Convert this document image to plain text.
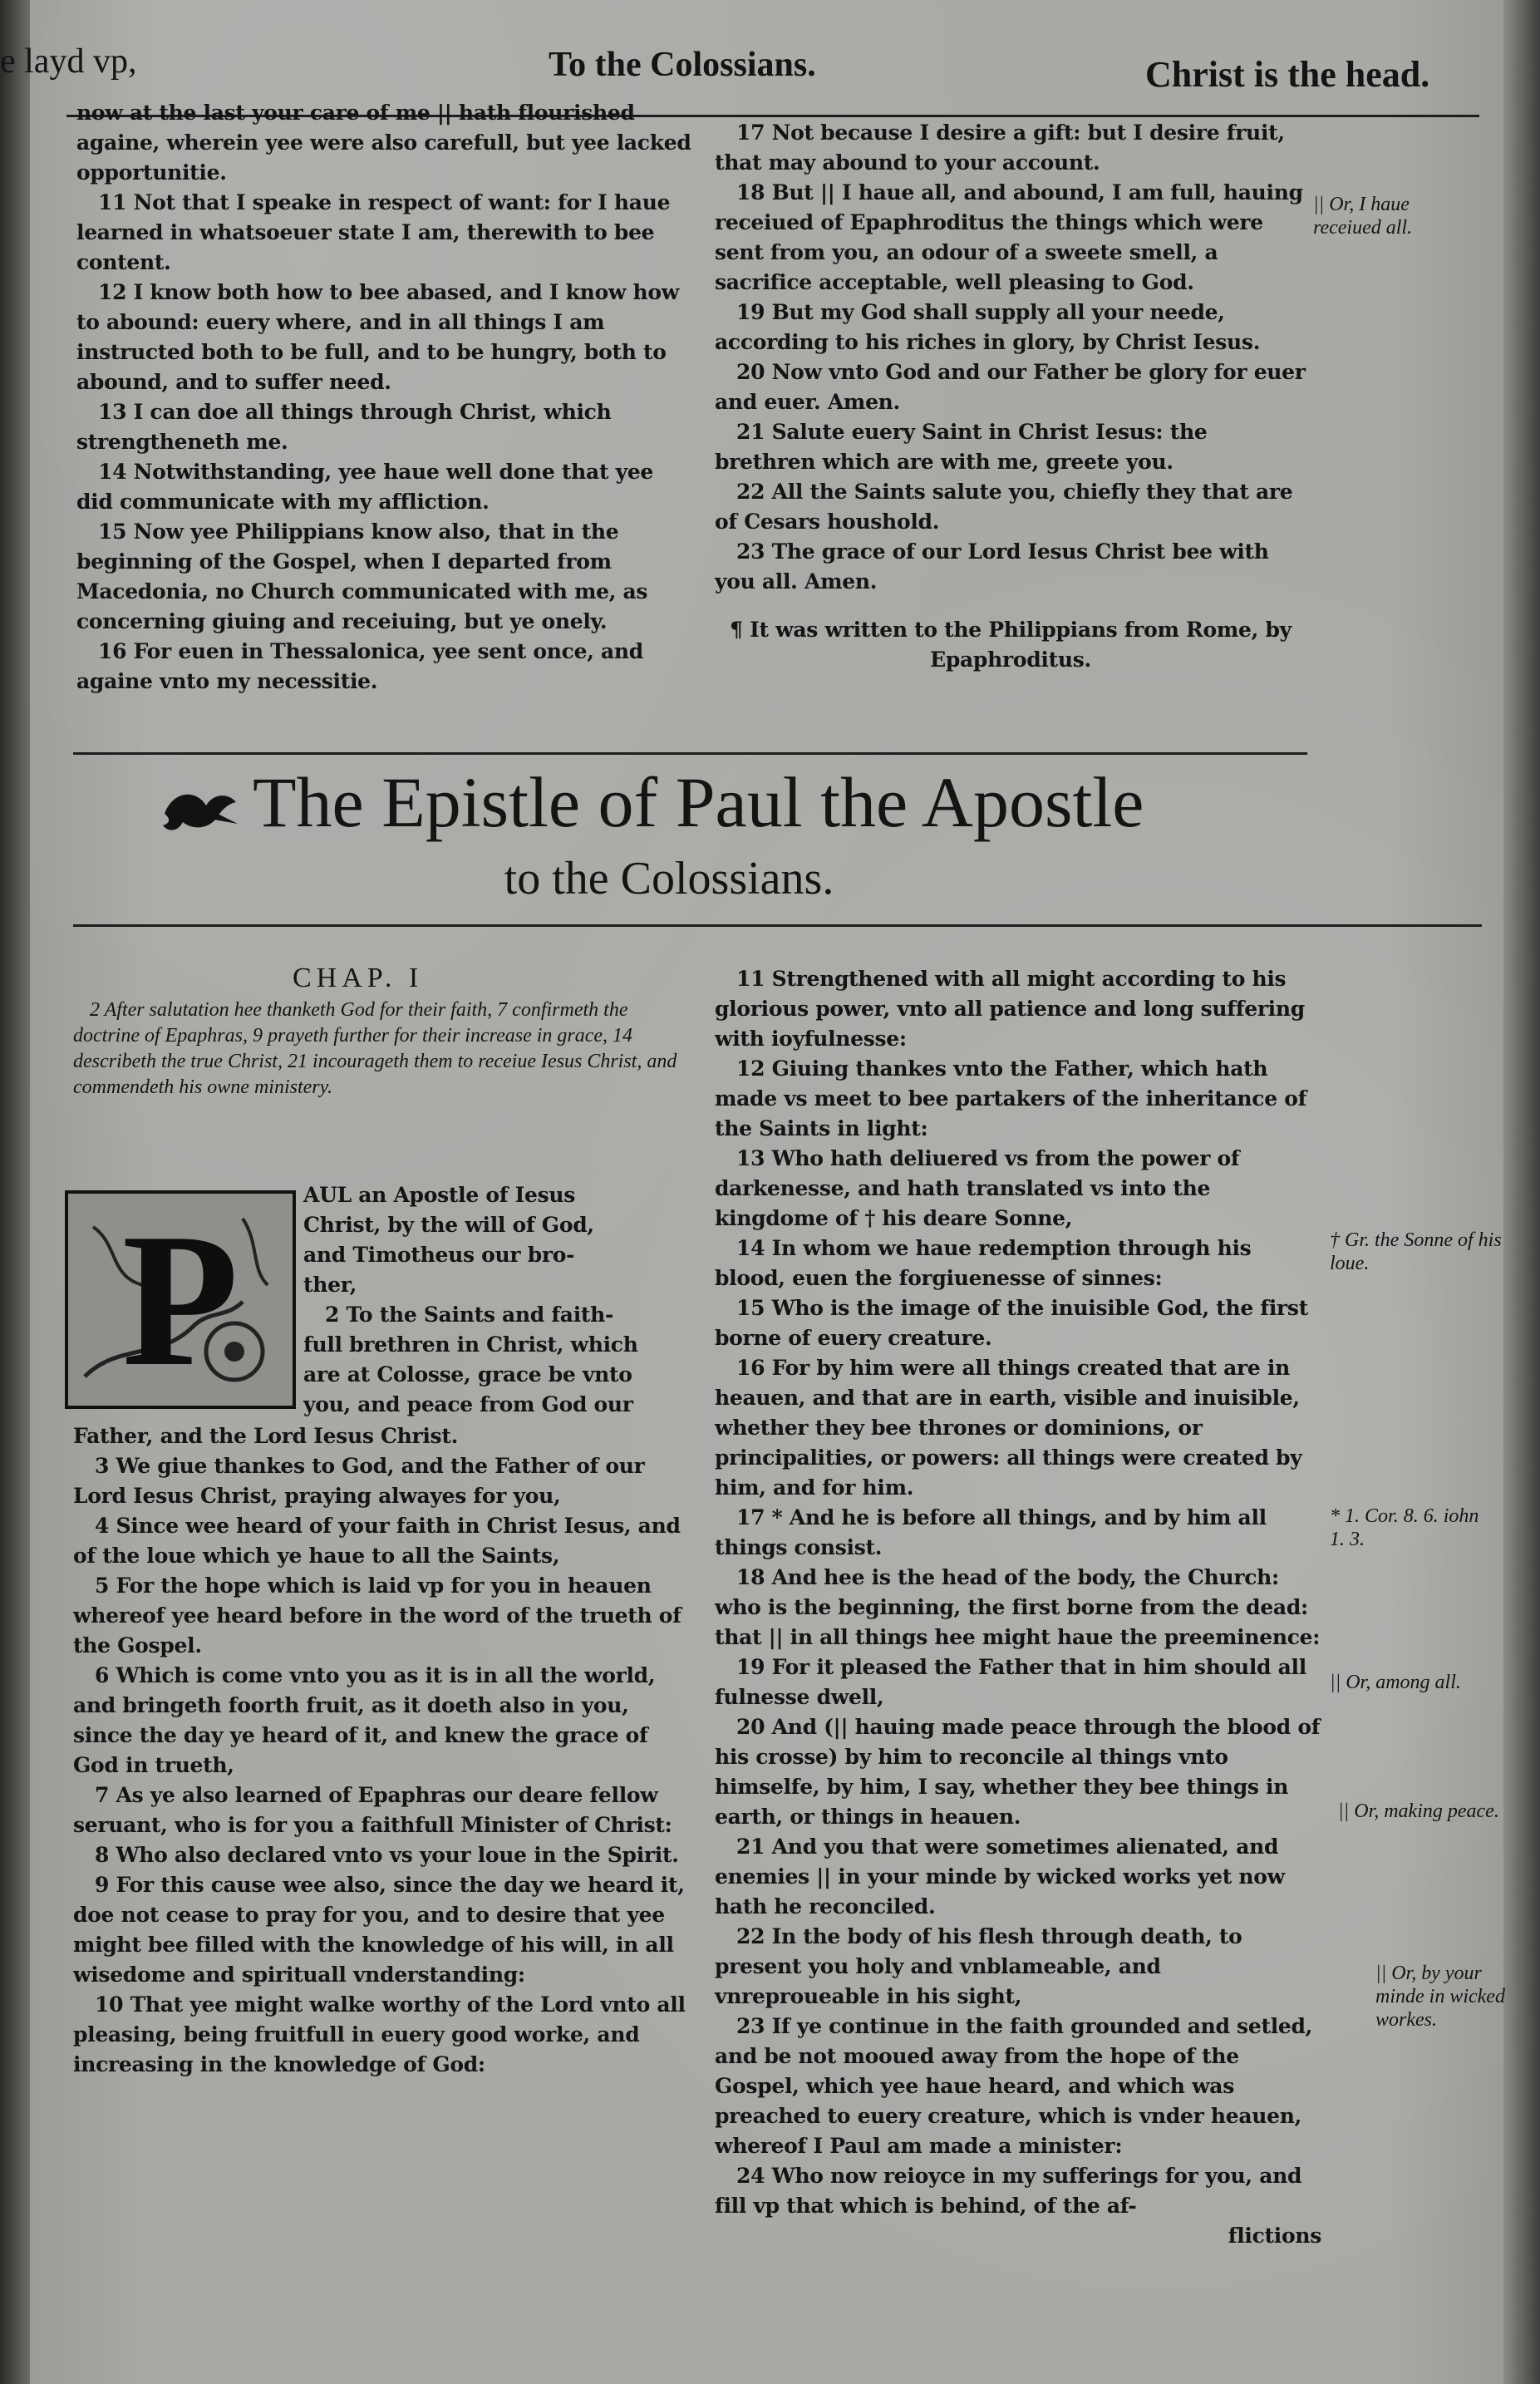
e layd vp,	To the Colossians.	Christ is the head.

now at the last your care of me || hath flourished againe, wherein yee were also carefull, but yee lacked opportunitie.

11 Not that I speake in respect of want: for I haue learned in whatsoeuer state I am, therewith to bee content.

12 I know both how to bee abased, and I know how to abound: euery where, and in all things I am instructed both to be full, and to be hungry, both to abound, and to suffer need.

13 I can doe all things through Christ, which strengtheneth me.

14 Notwithstanding, yee haue well done that yee did communicate with my affliction.

15 Now yee Philippians know also, that in the beginning of the Gospel, when I departed from Macedonia, no Church communicated with me, as concerning giuing and receiuing, but ye onely.

16 For euen in Thessalonica, yee sent once, and againe vnto my necessitie.

17 Not because I desire a gift: but I desire fruit, that may abound to your account.

18 But || I haue all, and abound, I am full, hauing receiued of Epaphroditus the things which were sent from you, an odour of a sweete smell, a sacrifice acceptable, well pleasing to God.

19 But my God shall supply all your neede, according to his riches in glory, by Christ Iesus.

20 Now vnto God and our Father be glory for euer and euer. Amen.

21 Salute euery Saint in Christ Iesus: the brethren which are with me, greete you.

22 All the Saints salute you, chiefly they that are of Cesars houshold.

23 The grace of our Lord Iesus Christ bee with you all. Amen.

¶ It was written to the Philippians from Rome, by Epaphroditus.

|| Or, I haue receiued all.
The Epistle of Paul the Apostle
to the Colossians.
CHAP. I
2 After salutation hee thanketh God for their faith, 7 confirmeth the doctrine of Epaphras, 9 prayeth further for their increase in grace, 14 describeth the true Christ, 21 incourageth them to receiue Iesus Christ, and commendeth his owne ministery.
P	AUL an Apostle of Iesus

Christ, by the will of God,

and Timotheus our bro-

ther,

2 To the Saints and faith-

full brethren in Christ, which

are at Colosse, grace be vnto

you, and peace from God our

Father, and the Lord Iesus Christ.

3 We giue thankes to God, and the Father of our Lord Iesus Christ, praying alwayes for you,

4 Since wee heard of your faith in Christ Iesus, and of the loue which ye haue to all the Saints,

5 For the hope which is laid vp for you in heauen whereof yee heard before in the word of the trueth of the Gospel.

6 Which is come vnto you as it is in all the world, and bringeth foorth fruit, as it doeth also in you, since the day ye heard of it, and knew the grace of God in trueth,

7 As ye also learned of Epaphras our deare fellow seruant, who is for you a faithfull Minister of Christ:

8 Who also declared vnto vs your loue in the Spirit.

9 For this cause wee also, since the day we heard it, doe not cease to pray for you, and to desire that yee might bee filled with the knowledge of his will, in all wisedome and spirituall vnderstanding:

10 That yee might walke worthy of the Lord vnto all pleasing, being fruitfull in euery good worke, and increasing in the knowledge of God:

11 Strengthened with all might according to his glorious power, vnto all patience and long suffering with ioyfulnesse:

12 Giuing thankes vnto the Father, which hath made vs meet to bee partakers of the inheritance of the Saints in light:

13 Who hath deliuered vs from the power of darkenesse, and hath translated vs into the kingdome of † his deare Sonne,

14 In whom we haue redemption through his blood, euen the forgiuenesse of sinnes:

15 Who is the image of the inuisible God, the first borne of euery creature.

16 For by him were all things created that are in heauen, and that are in earth, visible and inuisible, whether they bee thrones or dominions, or principalities, or powers: all things were created by him, and for him.

17 * And he is before all things, and by him all things consist.

18 And hee is the head of the body, the Church: who is the beginning, the first borne from the dead: that || in all things hee might haue the preeminence:

19 For it pleased the Father that in him should all fulnesse dwell,

20 And (|| hauing made peace through the blood of his crosse) by him to reconcile al things vnto himselfe, by him, I say, whether they bee things in earth, or things in heauen.

21 And you that were sometimes alienated, and enemies || in your minde by wicked works yet now hath he reconciled.

22 In the body of his flesh through death, to present you holy and vnblameable, and vnreproueable in his sight,

23 If ye continue in the faith grounded and setled, and be not mooued away from the hope of the Gospel, which yee haue heard, and which was preached to euery creature, which is vnder heauen, whereof I Paul am made a minister:

24 Who now reioyce in my sufferings for you, and fill vp that which is behind, of the af-

flictions

† Gr. the Sonne of his loue.
* 1. Cor. 8. 6. iohn 1. 3.
|| Or, among all.
|| Or, making peace.
|| Or, by your minde in wicked workes.
